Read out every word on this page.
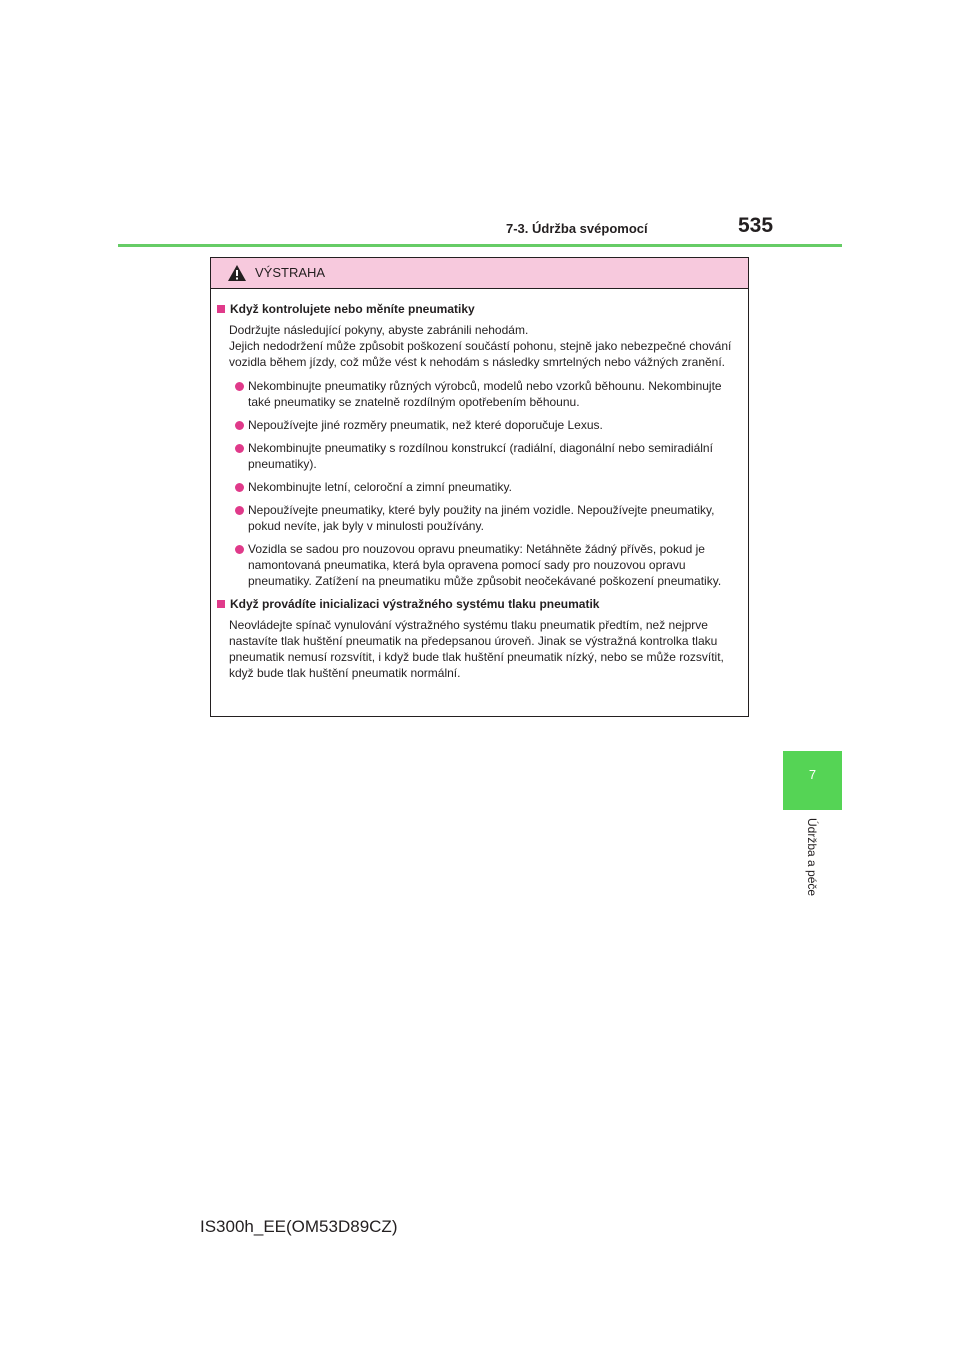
7-3. Údržba svépomocí	535
7
Údržba a péče
VÝSTRAHA
Když kontrolujete nebo měníte pneumatiky
Dodržujte následující pokyny, abyste zabránili nehodám.
Jejich nedodržení může způsobit poškození součástí pohonu, stejně jako nebezpečné chování vozidla během jízdy, což může vést k nehodám s následky smrtelných nebo vážných zranění.
Nekombinujte pneumatiky různých výrobců, modelů nebo vzorků běhounu. Nekombinujte také pneumatiky se znatelně rozdílným opotřebením běhounu.
Nepoužívejte jiné rozměry pneumatik, než které doporučuje Lexus.
Nekombinujte pneumatiky s rozdílnou konstrukcí (radiální, diagonální nebo semiradiální pneumatiky).
Nekombinujte letní, celoroční a zimní pneumatiky.
Nepoužívejte pneumatiky, které byly použity na jiném vozidle. Nepoužívejte pneumatiky, pokud nevíte, jak byly v minulosti používány.
Vozidla se sadou pro nouzovou opravu pneumatiky: Netáhněte žádný přívěs, pokud je namontovaná pneumatika, která byla opravena pomocí sady pro nouzovou opravu pneumatiky. Zatížení na pneumatiku může způsobit neočekávané poškození pneumatiky.
Když provádíte inicializaci výstražného systému tlaku pneumatik
Neovládejte spínač vynulování výstražného systému tlaku pneumatik předtím, než nejprve nastavíte tlak huštění pneumatik na předepsanou úroveň. Jinak se výstražná kontrolka tlaku pneumatik nemusí rozsvítit, i když bude tlak huštění pneumatik nízký, nebo se může rozsvítit, když bude tlak huštění pneumatik normální.
IS300h_EE(OM53D89CZ)
